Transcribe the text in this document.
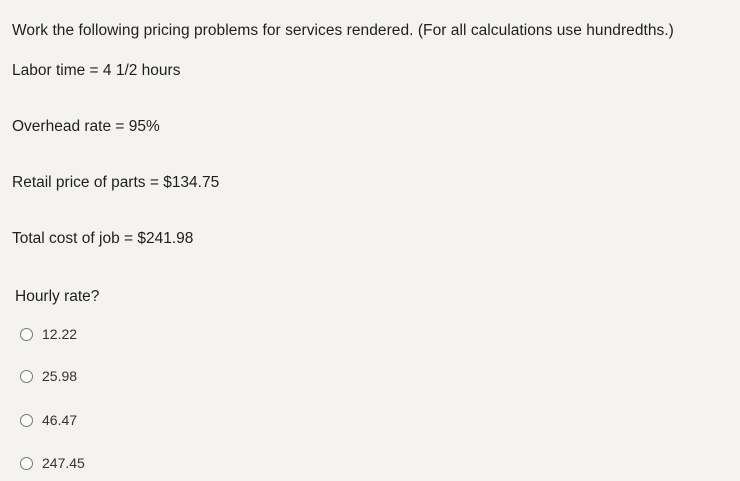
Work the following pricing problems for services rendered. (For all calculations use hundredths.)
Labor time = 4 1/2 hours
Overhead rate = 95%
Retail price of parts = $134.75
Total cost of job = $241.98
Hourly rate?
12.22
25.98
46.47
247.45
